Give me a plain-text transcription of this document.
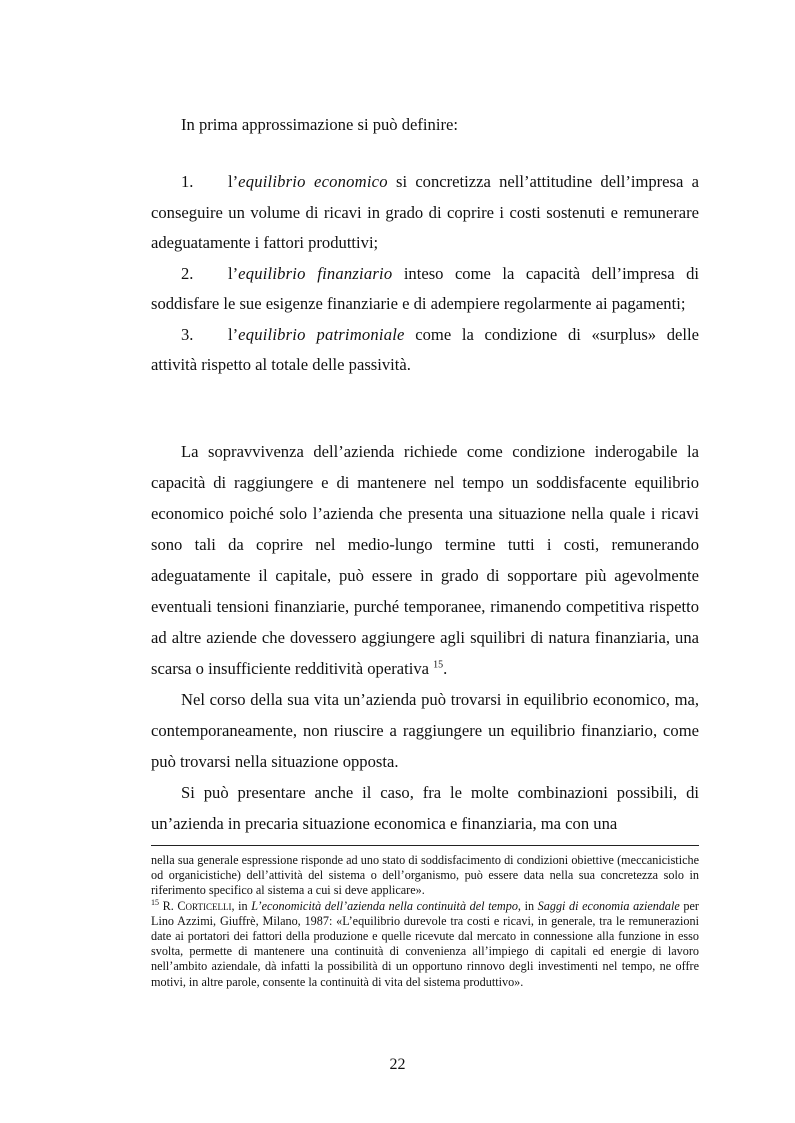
In prima approssimazione si può definire:

1. l’equilibrio economico si concretizza nell’attitudine dell’impresa a conseguire un volume di ricavi in grado di coprire i costi sostenuti e remunerare adeguatamente i fattori produttivi;

2. l’equilibrio finanziario inteso come la capacità dell’impresa di soddisfare le sue esigenze finanziarie e di adempiere regolarmente ai pagamenti;

3. l’equilibrio patrimoniale come la condizione di «surplus» delle attività rispetto al totale delle passività.

La sopravvivenza dell’azienda richiede come condizione inderogabile la capacità di raggiungere e di mantenere nel tempo un soddisfacente equilibrio economico poiché solo l’azienda che presenta una situazione nella quale i ricavi sono tali da coprire nel medio-lungo termine tutti i costi, remunerando adeguatamente il capitale, può essere in grado di sopportare più agevolmente eventuali tensioni finanziarie, purché temporanee, rimanendo competitiva rispetto ad altre aziende che dovessero aggiungere agli squilibri di natura finanziaria, una scarsa o insufficiente redditività operativa $^{15}$.

Nel corso della sua vita un’azienda può trovarsi in equilibrio economico, ma, contemporaneamente, non riuscire a raggiungere un equilibrio finanziario, come può trovarsi nella situazione opposta.

Si può presentare anche il caso, fra le molte combinazioni possibili, di un’azienda in precaria situazione economica e finanziaria, ma con una

nella sua generale espressione risponde ad uno stato di soddisfacimento di condizioni obiettive (meccanicistiche od organicistiche) dell’attività del sistema o dell’organismo, può essere data nella sua concretezza solo in riferimento specifico al sistema a cui si deve applicare».

$^{15}$ R. Corticelli, in L’economicità dell’azienda nella continuità del tempo, in Saggi di economia aziendale per Lino Azzimi, Giuffrè, Milano, 1987: «L’equilibrio durevole tra costi e ricavi, in generale, tra le remunerazioni date ai portatori dei fattori della produzione e quelle ricevute dal mercato in connessione alla funzione in esso svolta, permette di mantenere una continuità di convenienza all’impiego di capitali ed energie di lavoro nell’ambito aziendale, dà infatti la possibilità di un opportuno rinnovo degli investimenti nel tempo, ne offre motivi, in altre parole, consente la continuità di vita del sistema produttivo».

22
